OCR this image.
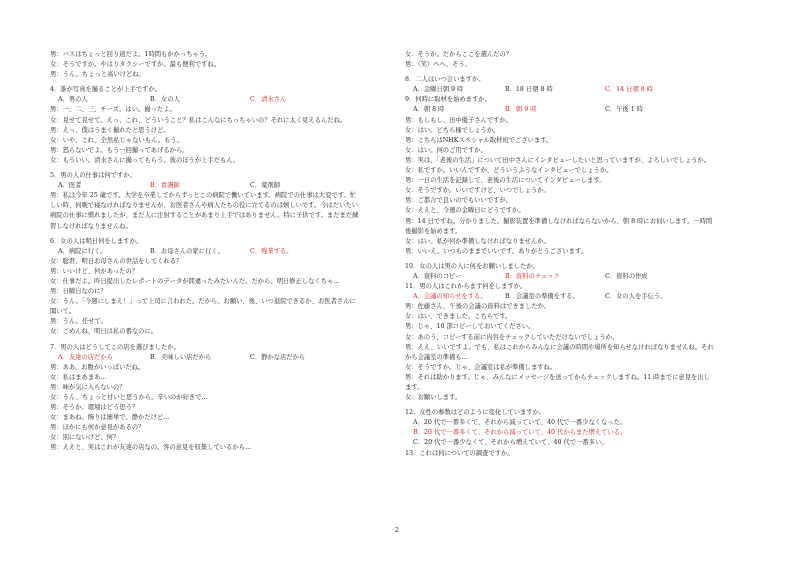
男：バスはちょっと回り道だよ。1時間もかかっちゃう。
女：そうですか。やはりタクシーですか。最も便利ですね。
男：うん。ちょっと高いけどね。
4．誰が写真を撮ることが上手ですか。
A．男の人	B．女の人	C．清水さん
男：一、二、三、チーズ。はい。撮ったよ。
女：見せて見せて。えっ、これ、どういうこと？私はこんなにちっちゃいの？それに太く見えるんだね。
男：えっ、僕はうまく撮れたと思うけど。
女：いや、これ、全然私じゃないもん。もう。
男：怒らないでよ。もう一回撮ってあげるから。
女：もういい。清水さんに撮ってもらう。彼のほうが上手だもん。
5．男の人の仕事は何ですか。
A．医者	B．看護師	C．薬剤師
男：私は今年 25 歳です。大学を卒業してからずっとこの病院で働いています。病院での仕事は大変です。忙
しい時、何晩で寝なければなりませんが、お医者さんや病人たちの役に立てるのは嬉しいです。今はだいたい
病院の仕事に慣れましたが、まだ人に注射することがあまり上手ではありません。特に子供です。まだまだ練
習しなければなりませんね。
6．女の人は明日何をしますか。
A．病院に行く。	B．お母さんの家に行く。	C．残業する。
女：聡君、明日お母さんの世話をしてくれる？
男：いいけど、何があったの？
女：仕事だよ。昨日提出したレポートのデータが間違ったみたいんだ。だから、明日修正しなくちゃ…
男：日曜日なのに？
女：うん。「今週にしまえ！」って上司に言われた。だから、お願い、後、いつ退院できるか、お医者さんに
聞いて。
男：うん。任せて。
女：ごめんね、明日は私の番なのに。
7．男の人はどうしてこの店を選びましたか。
A．友達の店だから	B．美味しい店だから	C．静かな店だから
男：ああ、お腹がいっぱいだね。
女：私はまあまあ…
男：味が気に入らないの？
女：うん、ちょっと甘いと思うから。辛いのが好きで…
男：そうか。環境はどう思う？
女：まあね。飾りは簡単で、静かだけど…
男：ほかにも何か意見があるの？
女：別にないけど、何？
男：ええと、実はこれが友達の店なの。客の意見を収集しているから…
女：そうか。だからここを選んだの？
男：（笑）へへ、そう。
8．二人はいつ会いますか。
A．金曜日朝 9 時	B．18 日朝 8 時	C．14 日朝 8 時
9．何時に取材を始めますか。
A．朝 8 時	B．朝 9 時	C．午後 1 時
男：もしもし、田中優子さんですか。
女：はい。どちら様でしょうか。
男：こちらはNHKスペシャル取材班でございます。
女：はい。何のご用ですか。
男：実は、「老後の生活」について田中さんにインタビューしたいと思っていますが、よろしいでしょうか。
女：私ですか。いいんですが、どういうふうなインタビューでしょうか。
男：一日の生活を記録して、老後の生活についてインタビューします。
女：そうですか。いいですけど、いつでしょうか。
男：ご都合で良いのでもいいですが。
女：ええと、今週の金曜日にどうですか。
男：14 日ですね。分かりました。撮影装置を準備しなければならないから、朝 8 時にお伺いします。一時間
後撮影を始めます。
女：はい。私が何か準備しなければなりませんか。
男：いいえ。いつものままでいいです。ありがとうございます。
10．女の人は男の人に何をお願いしましたか。
A．資料のコピー	B．資料のチェック	C．資料の作成
11．男の人はこれからまず何をしますか。
A．会議の知らせをする。	B．会議室の準備をする。	C．女の人を手伝う。
男：佐藤さん、午後の会議の資料はできましたか。
女：はい、できました。こちらです。
男：じゃ、10 部コピーしておいてください。
女：あのう、コピーする前に内容をチェックしていただけないでしょうか。
男：ええ、いいですよ。でも、私はこれからみんなに会議の時間や場所を知らせなければなりませんね。それ
から会議室の準備も…
女：そうですか。じゃ、会議室は私が準備しますね。
男：それは助かります。じゃ、みんなにメッセージを送ってからチェックしますね。11 時までに意見を出し
ます。
女：お願いします。
12．女性の参数はどのように変化していますか。
A．20 代で一番多くて、それから減っていて、40 代で一番少なくなった。
B．20 代で一番多くて、それから減っていて、40 代からまた増えている。
C．20 代で一番少なくて、それから増えていて、40 代で一番多い。
13．これは何についての調査ですか。
2
